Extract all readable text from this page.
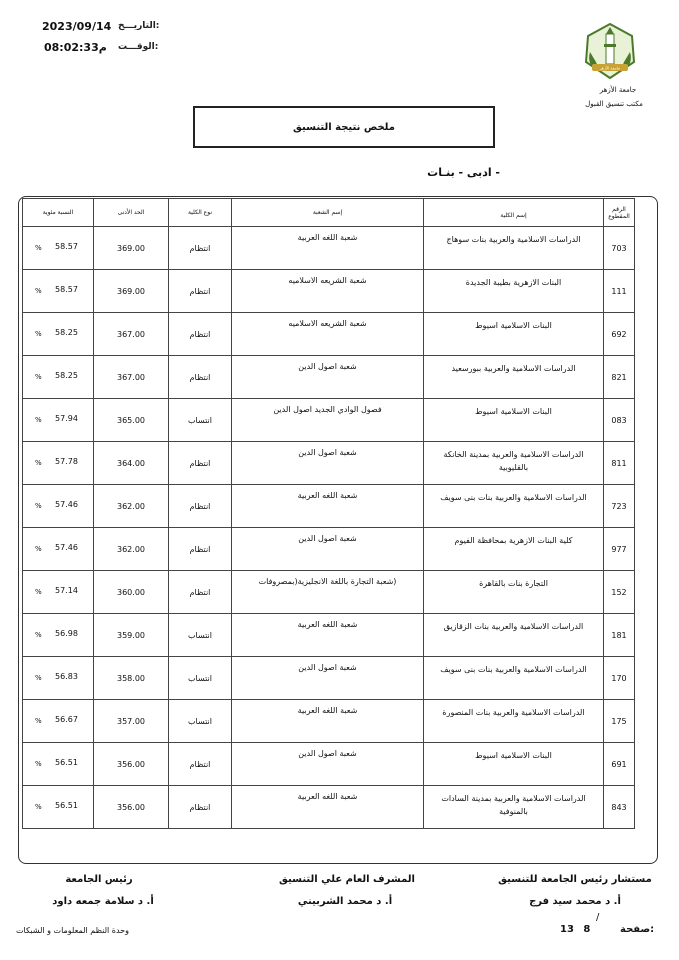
2023/09/14 التاريـــخ:
08:02:33م الوقـــت:
جامعة الأزهر
جامعة الأزهر
مكتب تنسيق القبول
ملخص نتيجة التنسيق
- ادبى - بنـات
الرقم المقطوع	إسم الكلية	إسم الشعبة	نوع الكلية	الحد الأدنى	النسبة مئوية
703	الدراسات الاسلامية والعربية بنات سوهاج	شعبة اللغه العربية	انتظام	369.00	58.57
%

111	البنات الازهرية بطيبة الجديدة	شعبة الشريعه الاسلاميه	انتظام	369.00	58.57
%

692	البنات الاسلامية اسيوط	شعبة الشريعه الاسلاميه	انتظام	367.00	58.25
%

821	الدراسات الاسلامية والعربية ببورسعيد	شعبة اصول الدين	انتظام	367.00	58.25
%

083	البنات الاسلامية اسيوط	فصول الوادي الجديد اصول الدين	انتساب	365.00	57.94
%

811	الدراسات الاسلامية والعربية بمدينة الخانكة بالقليوبية	شعبة اصول الدين	انتظام	364.00	57.78
%

723	الدراسات الاسلامية والعربية بنات بنى سويف	شعبة اللغه العربية	انتظام	362.00	57.46
%

977	كلية البنات الازهرية بمحافظة الفيوم	شعبة اصول الدين	انتظام	362.00	57.46
%

152	التجارة بنات بالقاهرة	(شعبة التجارة باللغة الانجليزية(بمصروفات	انتظام	360.00	57.14
%

181	الدراسات الاسلامية والعربية بنات الزقازيق	شعبة اللغه العربية	انتساب	359.00	56.98
%

170	الدراسات الاسلامية والعربية بنات بنى سويف	شعبة اصول الدين	انتساب	358.00	56.83
%

175	الدراسات الاسلامية والعربية بنات المنصورة	شعبة اللغه العربية	انتساب	357.00	56.67
%

691	البنات الاسلامية اسيوط	شعبة اصول الدين	انتظام	356.00	56.51
%

843	الدراسات الاسلامية والعربية بمدينة السادات بالمنوفية	شعبة اللغه العربية	انتظام	356.00	56.51
%
مستشار رئيس الجامعة للتنسيق
أ. د محمد سيد فرج
المشرف العام علي التنسيق
أ. د محمد الشربيني
رئيس الجامعة
أ. د سلامة جمعه داود
وحدة النظم المعلومات و الشبكات
/
صفحة:
13 8
